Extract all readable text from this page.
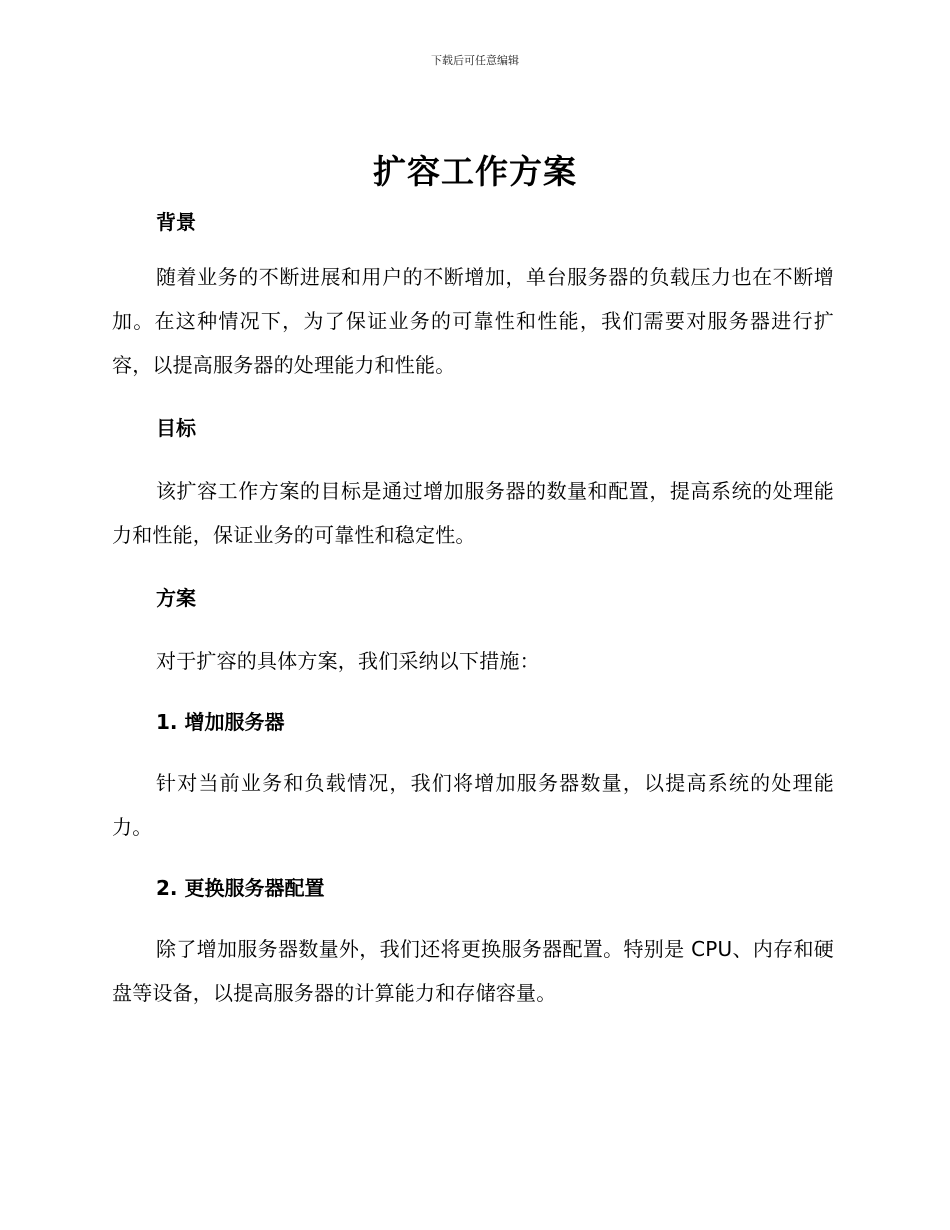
下载后可任意编辑
扩容工作方案
背景

随着业务的不断进展和用户的不断增加，单台服务器的负载压力也在不断增加。在这种情况下，为了保证业务的可靠性和性能，我们需要对服务器进行扩容，以提高服务器的处理能力和性能。

目标

该扩容工作方案的目标是通过增加服务器的数量和配置，提高系统的处理能力和性能，保证业务的可靠性和稳定性。

方案

对于扩容的具体方案，我们采纳以下措施：

1. 增加服务器

针对当前业务和负载情况，我们将增加服务器数量，以提高系统的处理能力。

2. 更换服务器配置

除了增加服务器数量外，我们还将更换服务器配置。特别是 CPU、内存和硬盘等设备，以提高服务器的计算能力和存储容量。
